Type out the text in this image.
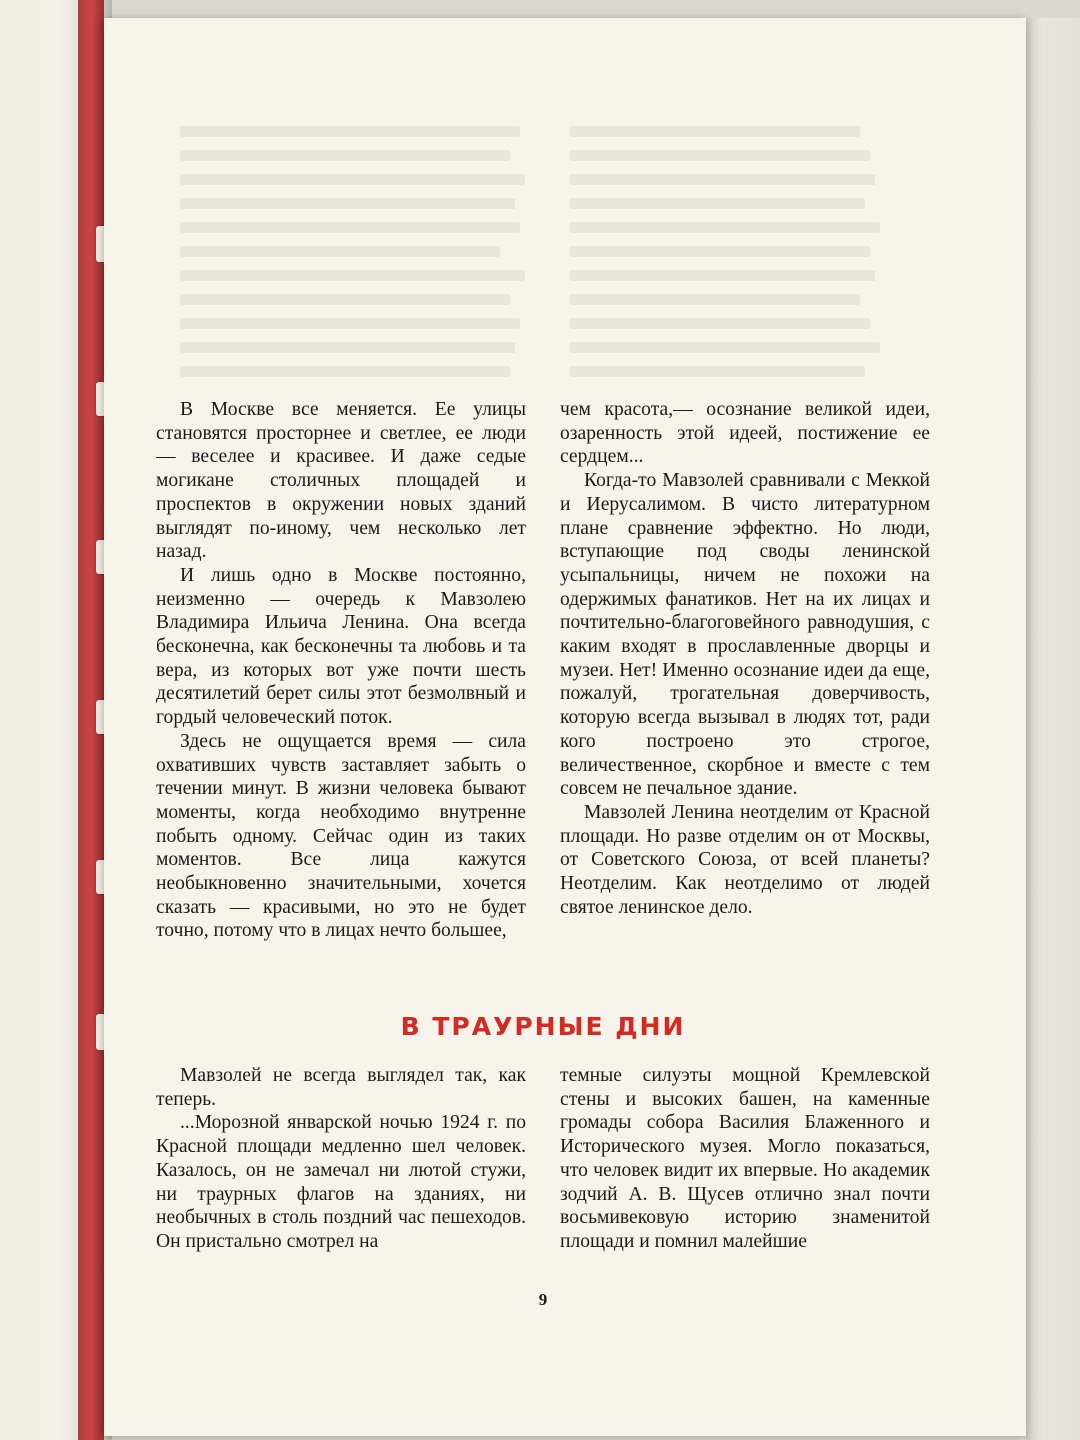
В Москве все меняется. Ее улицы становятся просторнее и светлее, ее люди — веселее и красивее. И даже седые могикане столичных площадей и проспектов в окружении новых зданий выглядят по-иному, чем несколько лет назад.

И лишь одно в Москве постоянно, неизменно — очередь к Мавзолею Владимира Ильича Ленина. Она всегда бесконечна, как бесконечны та любовь и та вера, из которых вот уже почти шесть десятилетий берет силы этот безмолвный и гордый человеческий поток.

Здесь не ощущается время — сила охвативших чувств заставляет забыть о течении минут. В жизни человека бывают моменты, когда необходимо внутренне побыть одному. Сейчас один из таких моментов. Все лица кажутся необыкновенно значительными, хочется сказать — красивыми, но это не будет точно, потому что в лицах нечто большее,

чем красота,— осознание великой идеи, озаренность этой идеей, постижение ее сердцем...

Когда-то Мавзолей сравнивали с Меккой и Иерусалимом. В чисто литературном плане сравнение эффектно. Но люди, вступающие под своды ленинской усыпальницы, ничем не похожи на одержимых фанатиков. Нет на их лицах и почтительно-благоговейного равнодушия, с каким входят в прославленные дворцы и музеи. Нет! Именно осознание идеи да еще, пожалуй, трогательная доверчивость, которую всегда вызывал в людях тот, ради кого построено это строгое, величественное, скорбное и вместе с тем совсем не печальное здание.

Мавзолей Ленина неотделим от Красной площади. Но разве отделим он от Москвы, от Советского Союза, от всей планеты? Неотделим. Как неотделимо от людей святое ленинское дело.

В ТРАУРНЫЕ ДНИ

Мавзолей не всегда выглядел так, как теперь.

...Морозной январской ночью 1924 г. по Красной площади медленно шел человек. Казалось, он не замечал ни лютой стужи, ни траурных флагов на зданиях, ни необычных в столь поздний час пешеходов. Он пристально смотрел на

темные силуэты мощной Кремлевской стены и высоких башен, на каменные громады собора Василия Блаженного и Исторического музея. Могло показаться, что человек видит их впервые. Но академик зодчий А. В. Щусев отлично знал почти восьмивековую историю знаменитой площади и помнил малейшие

9
